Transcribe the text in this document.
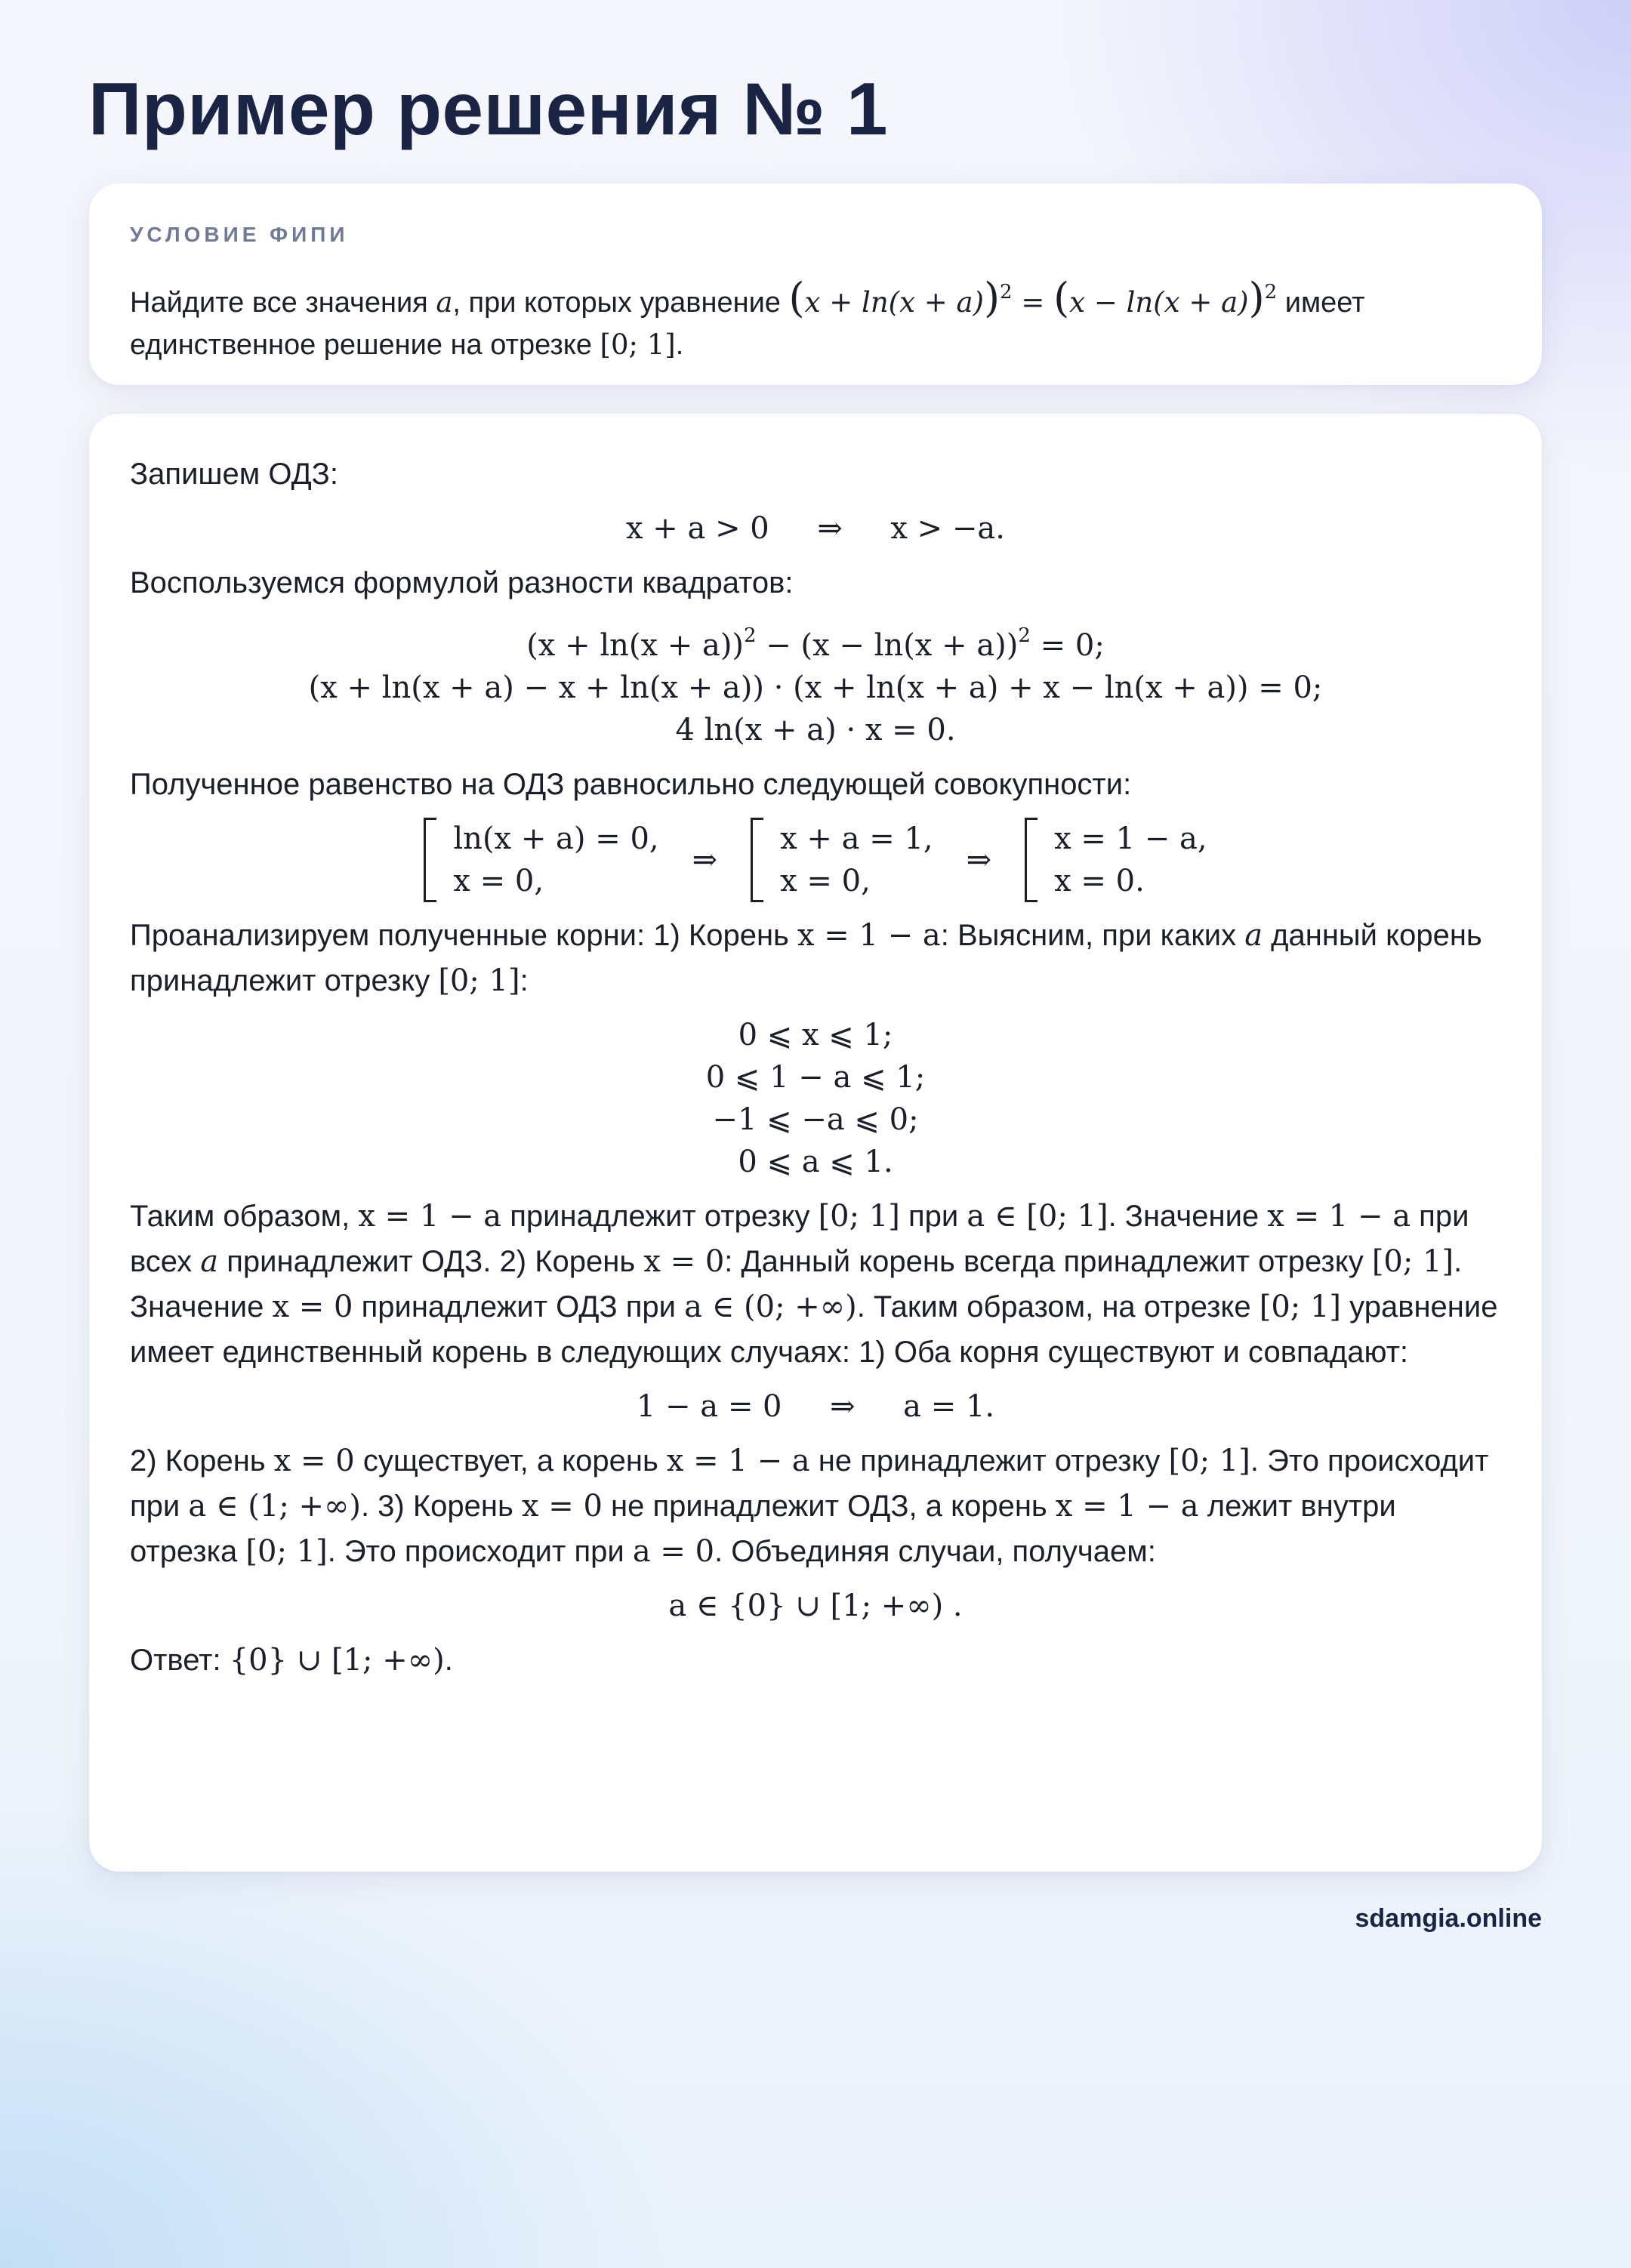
Пример решения № 1
УСЛОВИЕ ФИПИ
Найдите все значения a, при которых уравнение $(x + \ln(x + a))^2 = (x - \ln(x + a))^2$ имеет единственное решение на отрезке [0; 1].

Запишем ОДЗ:

x + a > 0     ⇒     x > −a.

Воспользуемся формулой разности квадратов:

$(x + \ln(x + a))^2 - (x - \ln(x + a))^2 = 0$;
(x + ln(x + a) − x + ln(x + a)) · (x + ln(x + a) + x − ln(x + a)) = 0;
4 ln(x + a) · x = 0.

Полученное равенство на ОДЗ равносильно следующей совокупности:

ln(x + a) = 0,
x = 0,
⇒
x + a = 1,
x = 0,
⇒
x = 1 − a,
x = 0.

Проанализируем полученные корни: 1) Корень x = 1 − a: Выясним, при каких a данный корень принадлежит отрезку [0; 1]:

0 ⩽ x ⩽ 1;
0 ⩽ 1 − a ⩽ 1;
−1 ⩽ −a ⩽ 0;
0 ⩽ a ⩽ 1.

Таким образом, x = 1 − a принадлежит отрезку [0; 1] при a ∈ [0; 1]. Значение x = 1 − a при всех a принадлежит ОДЗ. 2) Корень x = 0: Данный корень всегда принадлежит отрезку [0; 1]. Значение x = 0 принадлежит ОДЗ при a ∈ (0; +∞). Таким образом, на отрезке [0; 1] уравнение имеет единственный корень в следующих случаях: 1) Оба корня существуют и совпадают:

1 − a = 0     ⇒     a = 1.

2) Корень x = 0 существует, а корень x = 1 − a не принадлежит отрезку [0; 1]. Это происходит при a ∈ (1; +∞). 3) Корень x = 0 не принадлежит ОДЗ, а корень x = 1 − a лежит внутри отрезка [0; 1]. Это происходит при a = 0. Объединяя случаи, получаем:

a ∈ {0} ∪ [1; +∞) .

Ответ: {0} ∪ [1; +∞).

sdamgia.online
